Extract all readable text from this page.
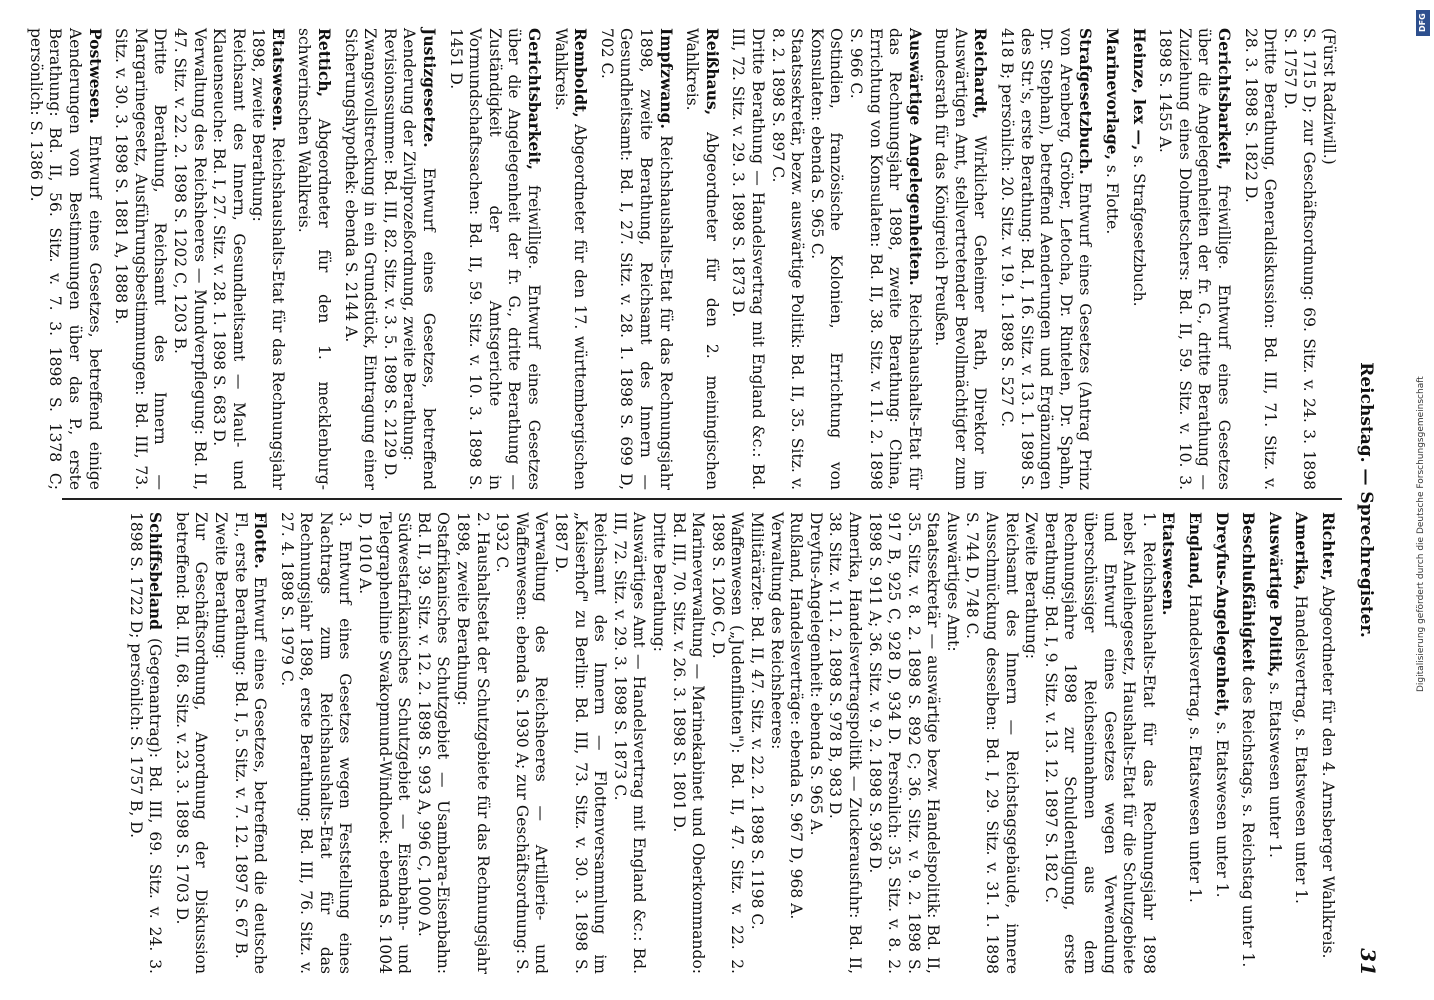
Reichstag. — Sprechregister.
31

(Fürst Radziwill.)

S. 1715 D; zur Geschäftsordnung: 69. Sitz. v. 24. 3. 1898 S. 1757 D.

Dritte Berathung, Generaldiskussion: Bd. III, 71. Sitz. v. 28. 3. 1898 S. 1822 D.

Gerichtsbarkeit, freiwillige. Entwurf eines Gesetzes über die Angelegenheiten der fr. G., dritte Berathung — Zuziehung eines Dolmetschers: Bd. II, 59. Sitz. v. 10. 3. 1898 S. 1455 A.

Heinze, lex —, s. Strafgesetzbuch.

Marinevorlage, s. Flotte.

Strafgesetzbuch. Entwurf eines Gesetzes (Antrag Prinz von Arenberg, Gröber, Letocha, Dr. Rintelen, Dr. Spahn, Dr. Stephan), betreffend Aenderungen und Ergänzungen des Str.'s, erste Berathung: Bd. I, 16. Sitz. v. 13. 1. 1898 S. 418 B; persönlich: 20. Sitz. v. 19. 1. 1898 S. 527 C.

Reichardt, Wirklicher Geheimer Rath, Direktor im Auswärtigen Amt, stellvertretender Bevollmächtigter zum Bundesrath für das Königreich Preußen.

Auswärtige Angelegenheiten. Reichshaushalts-Etat für das Rechnungsjahr 1898, zweite Berathung: China, Errichtung von Konsulaten: Bd. II, 38. Sitz. v. 11. 2. 1898 S. 966 C.

Ostindien, französische Kolonien, Errichtung von Konsulaten: ebenda S. 965 C.

Staatssekretär, bezw. auswärtige Politik: Bd. II, 35. Sitz. v. 8. 2. 1898 S. 897 C.

Dritte Berathung — Handelsvertrag mit England &c.: Bd. III, 72. Sitz. v. 29. 3. 1898 S. 1873 D.

Reißhaus, Abgeordneter für den 2. meiningischen Wahlkreis.

Impfzwang. Reichshaushalts-Etat für das Rechnungsjahr 1898, zweite Berathung, Reichsamt des Innern — Gesundheitsamt: Bd. I, 27. Sitz. v. 28. 1. 1898 S. 699 D, 702 C.

Remboldt, Abgeordneter für den 17. württembergischen Wahlkreis.

Gerichtsbarkeit, freiwillige. Entwurf eines Gesetzes über die Angelegenheit der fr. G., dritte Berathung — Zuständigkeit der Amtsgerichte in Vormundschaftssachen: Bd. II, 59. Sitz. v. 10. 3. 1898 S. 1451 D.

Justizgesetze. Entwurf eines Gesetzes, betreffend Aenderung der Zivilprozeßordnung, zweite Berathung:

Revisionssumme: Bd. III, 82. Sitz. v. 3. 5. 1898 S. 2129 D.

Zwangsvollstreckung in ein Grundstück, Eintragung einer Sicherungshypothek: ebenda S. 2144 A.

Rettich, Abgeordneter für den 1. mecklenburg-schwerinschen Wahlkreis.

Etatswesen. Reichshaushalts-Etat für das Rechnungsjahr 1898, zweite Berathung:

Reichsamt des Innern, Gesundheitsamt — Maul- und Klauenseuche: Bd. I, 27. Sitz. v. 28. 1. 1898 S. 683 D.

Verwaltung des Reichsheeres — Mundverpflegung: Bd. II, 47. Sitz. v. 22. 2. 1898 S. 1202 C, 1203 B.

Dritte Berathung, Reichsamt des Innern — Margarinegesetz, Ausführungsbestimmungen: Bd. III, 73. Sitz. v. 30. 3. 1898 S. 1881 A, 1888 B.

Postwesen. Entwurf eines Gesetzes, betreffend einige Aenderungen von Bestimmungen über das P., erste Berathung: Bd. II, 56. Sitz. v. 7. 3. 1898 S. 1378 C; persönlich: S. 1386 D.

Richter, Abgeordneter für den 4. Arnsberger Wahlkreis.

Amerika, Handelsvertrag, s. Etatswesen unter 1.

Auswärtige Politik, s. Etatswesen unter 1.

Beschlußfähigkeit des Reichstags, s. Reichstag unter 1.

Dreyfus-Angelegenheit, s. Etatswesen unter 1.

England, Handelsvertrag, s. Etatswesen unter 1.

Etatswesen.

1. Reichshaushalts-Etat für das Rechnungsjahr 1898 nebst Anleihegesetz, Haushalts-Etat für die Schutzgebiete und Entwurf eines Gesetzes wegen Verwendung überschüssiger Reichseinnahmen aus dem Rechnungsjahre 1898 zur Schuldentilgung, erste Berathung: Bd. I, 9. Sitz. v. 13. 12. 1897 S. 182 C.

Zweite Berathung:

Reichsamt des Innern — Reichstagsgebäude, innere Ausschmückung desselben: Bd. I, 29. Sitz. v. 31. 1. 1898 S. 744 D, 748 C.

Auswärtiges Amt:

Staatssekretär — auswärtige bezw. Handelspolitik: Bd. II, 35. Sitz. v. 8. 2. 1898 S. 892 C; 36. Sitz. v. 9. 2. 1898 S. 917 B, 925 C, 928 D, 934 D. Persönlich: 35. Sitz. v. 8. 2. 1898 S. 911 A; 36. Sitz. v. 9. 2. 1898 S. 936 D.

Amerika, Handelsvertragspolitik — Zuckerausfuhr: Bd. II, 38. Sitz. v. 11. 2. 1898 S. 978 B, 983 D.

Dreyfus-Angelegenheit: ebenda S. 965 A.

Rußland, Handelsverträge: ebenda S. 967 D, 968 A.

Verwaltung des Reichsheeres:

Militärärzte: Bd. II, 47. Sitz. v. 22. 2. 1898 S. 1198 C.

Waffenwesen („Judenflinten"): Bd. II, 47. Sitz. v. 22. 2. 1898 S. 1206 C, D.

Marineverwaltung — Marinekabinet und Oberkommando: Bd. III, 70. Sitz. v. 26. 3. 1898 S. 1801 D.

Dritte Berathung:

Auswärtiges Amt — Handelsvertrag mit England &c.: Bd. III, 72. Sitz. v. 29. 3. 1898 S. 1873 C.

Reichsamt des Innern — Flottenversammlung im „Kaiserhof" zu Berlin: Bd. III, 73. Sitz. v. 30. 3. 1898 S. 1887 D.

Verwaltung des Reichsheeres — Artillerie- und Waffenwesen: ebenda S. 1930 A; zur Geschäftsordnung: S. 1932 C.

2. Haushaltsetat der Schutzgebiete für das Rechnungsjahr 1898, zweite Berathung:

Ostafrikanisches Schutzgebiet — Usambara-Eisenbahn: Bd. II, 39. Sitz. v. 12. 2. 1898 S. 993 A, 996 C, 1000 A.

Südwestafrikanisches Schutzgebiet — Eisenbahn- und Telegraphenlinie Swakopmund-Windhoek: ebenda S. 1004 D, 1010 A.

3. Entwurf eines Gesetzes wegen Feststellung eines Nachtrags zum Reichshaushalts-Etat für das Rechnungsjahr 1898, erste Berathung: Bd. III, 76. Sitz. v. 27. 4. 1898 S. 1979 C.

Flotte. Entwurf eines Gesetzes, betreffend die deutsche Fl., erste Berathung: Bd. I, 5. Sitz. v. 7. 12. 1897 S. 67 B.

Zweite Berathung:

Zur Geschäftsordnung, Anordnung der Diskussion betreffend: Bd. III, 68. Sitz. v. 23. 3. 1898 S. 1703 D.

Schiffsbeland (Gegenantrag): Bd. III, 69. Sitz. v. 24. 3. 1898 S. 1722 D; persönlich: S. 1757 B, D.

DFG
Digitalisierung gefördert durch die Deutsche Forschungsgemeinschaft
